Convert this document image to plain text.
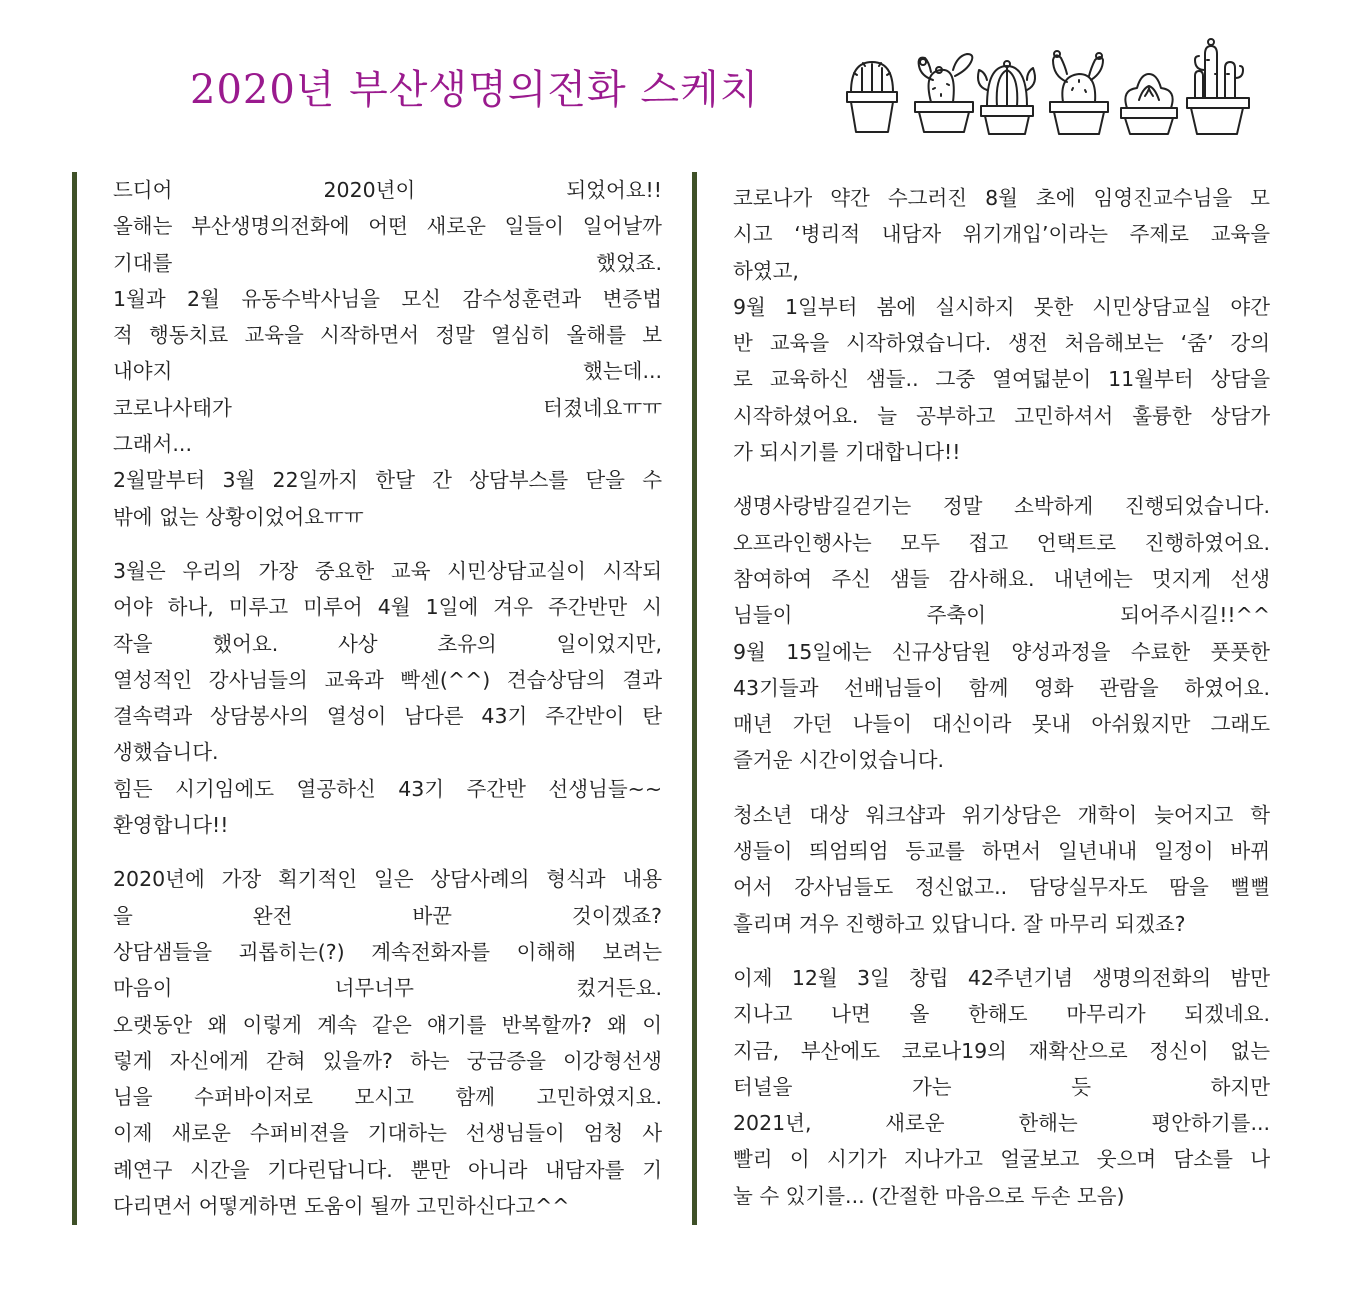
2020년 부산생명의전화 스케치
드디어 2020년이 되었어요!!
올해는 부산생명의전화에 어떤 새로운 일들이 일어날까
기대를 했었죠.
1월과 2월 유동수박사님을 모신 감수성훈련과 변증법
적 행동치료 교육을 시작하면서 정말 열심히 올해를 보
내야지 했는데...
코로나사태가 터졌네요ㅠㅠ
그래서...
2월말부터 3월 22일까지 한달 간 상담부스를 닫을 수
밖에 없는 상황이었어요ㅠㅠ
3월은 우리의 가장 중요한 교육 시민상담교실이 시작되
어야 하나, 미루고 미루어 4월 1일에 겨우 주간반만 시
작을 했어요. 사상 초유의 일이었지만,
열성적인 강사님들의 교육과 빡센(^^) 견습상담의 결과
결속력과 상담봉사의 열성이 남다른 43기 주간반이 탄
생했습니다.
힘든 시기임에도 열공하신 43기 주간반 선생님들~~
환영합니다!!
2020년에 가장 획기적인 일은 상담사례의 형식과 내용
을 완전 바꾼 것이겠죠?
상담샘들을 괴롭히는(?) 계속전화자를 이해해 보려는
마음이 너무너무 컸거든요.
오랫동안 왜 이렇게 계속 같은 얘기를 반복할까? 왜 이
렇게 자신에게 갇혀 있을까? 하는 궁금증을 이강형선생
님을 수퍼바이저로 모시고 함께 고민하였지요.
이제 새로운 수퍼비젼을 기대하는 선생님들이 엄청 사
례연구 시간을 기다린답니다. 뿐만 아니라 내담자를 기
다리면서 어떻게하면 도움이 될까 고민하신다고^^
코로나가 약간 수그러진 8월 초에 임영진교수님을 모
시고 ‘병리적 내담자 위기개입’이라는 주제로 교육을
하였고,
9월 1일부터 봄에 실시하지 못한 시민상담교실 야간
반 교육을 시작하였습니다. 생전 처음해보는 ‘줌’ 강의
로 교육하신 샘들.. 그중 열여덟분이 11월부터 상담을
시작하셨어요. 늘 공부하고 고민하셔서 훌륭한 상담가
가 되시기를 기대합니다!!
생명사랑밤길걷기는 정말 소박하게 진행되었습니다.
오프라인행사는 모두 접고 언택트로 진행하였어요.
참여하여 주신 샘들 감사해요. 내년에는 멋지게 선생
님들이 주축이 되어주시길!!^^
9월 15일에는 신규상담원 양성과정을 수료한 풋풋한
43기들과 선배님들이 함께 영화 관람을 하였어요.
매년 가던 나들이 대신이라 못내 아쉬웠지만 그래도
즐거운 시간이었습니다.
청소년 대상 워크샵과 위기상담은 개학이 늦어지고 학
생들이 띄엄띄엄 등교를 하면서 일년내내 일정이 바뀌
어서 강사님들도 정신없고.. 담당실무자도 땀을 뻘뻘
흘리며 겨우 진행하고 있답니다. 잘 마무리 되겠죠?
이제 12월 3일 창립 42주년기념 생명의전화의 밤만
지나고 나면 올 한해도 마무리가 되겠네요.
지금, 부산에도 코로나19의 재확산으로 정신이 없는
터널을 가는 듯 하지만
2021년, 새로운 한해는 평안하기를...
빨리 이 시기가 지나가고 얼굴보고 웃으며 담소를 나
눌 수 있기를... (간절한 마음으로 두손 모음)
